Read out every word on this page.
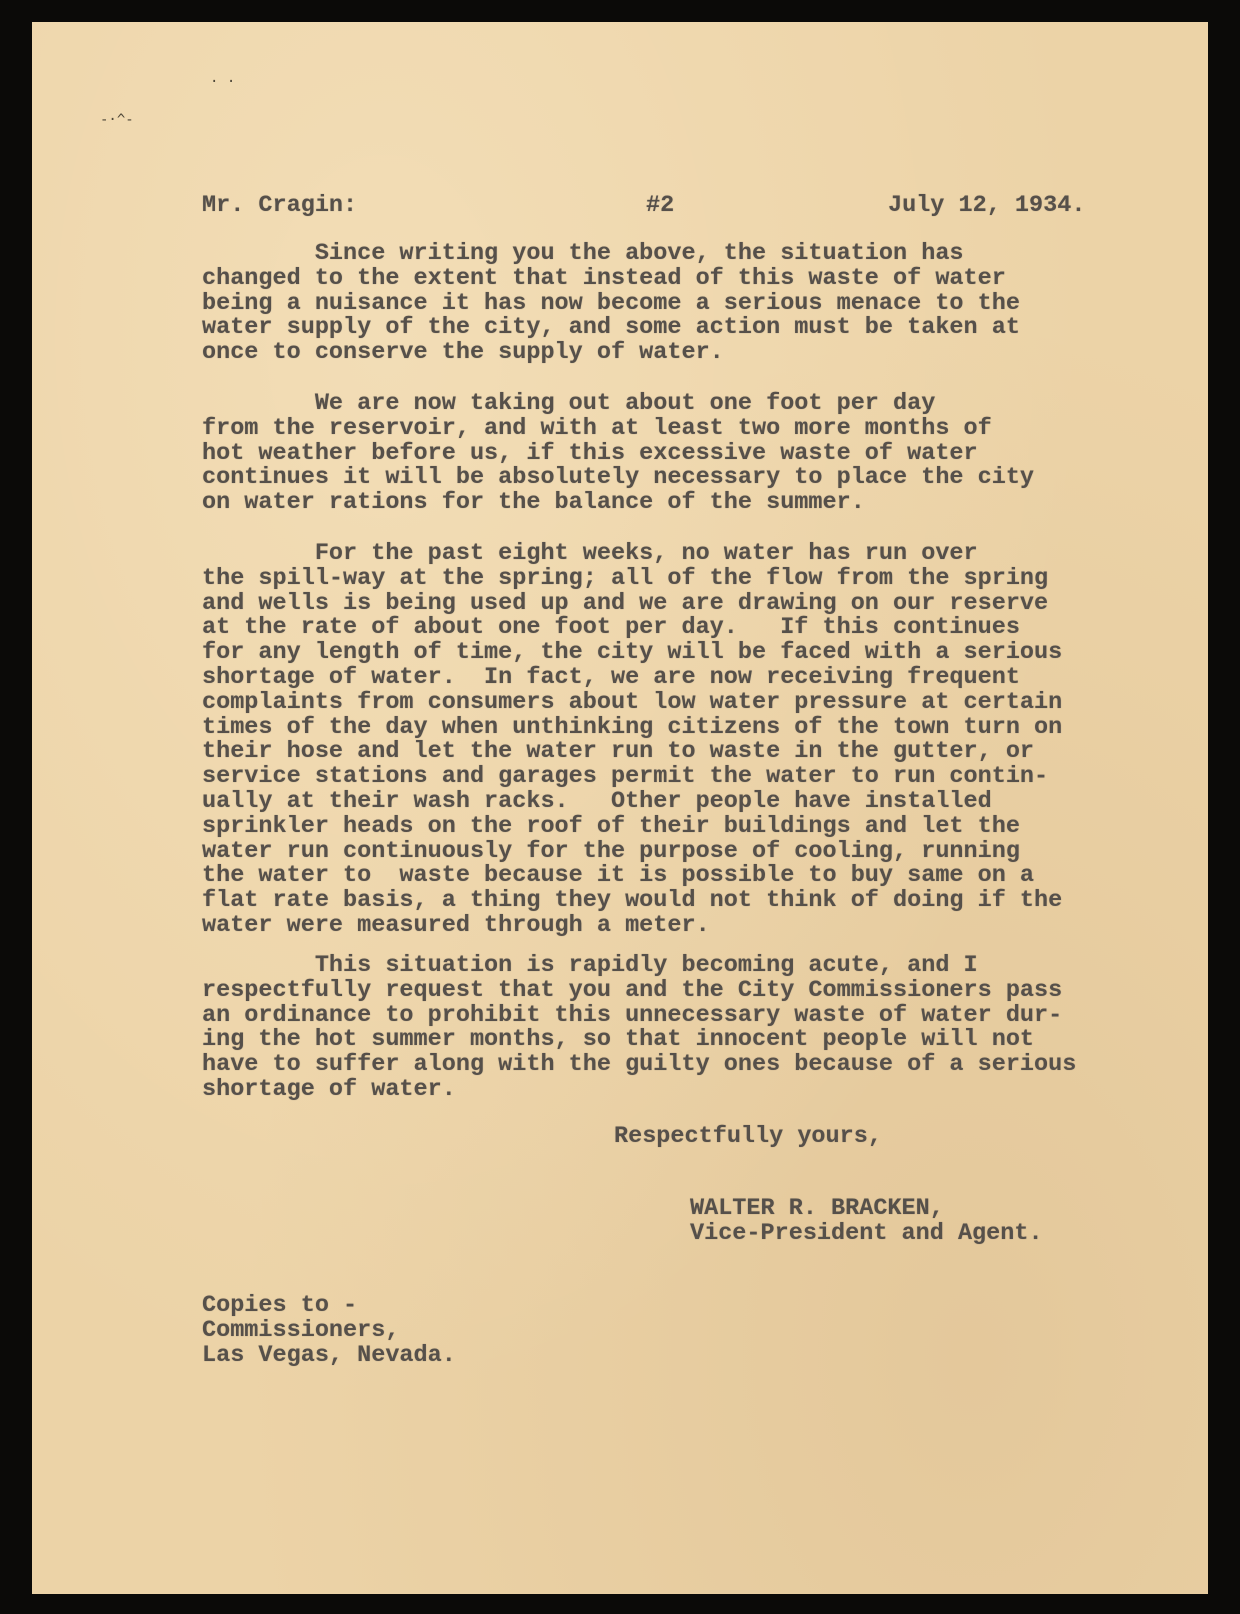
· ·
-·^-
Mr. Cragin:	#2	July 12, 1934.
Since writing you the above, the situation has
changed to the extent that instead of this waste of water
being a nuisance it has now become a serious menace to the
water supply of the city, and some action must be taken at
once to conserve the supply of water.
We are now taking out about one foot per day
from the reservoir, and with at least two more months of
hot weather before us, if this excessive waste of water
continues it will be absolutely necessary to place the city
on water rations for the balance of the summer.
For the past eight weeks, no water has run over
the spill-way at the spring; all of the flow from the spring
and wells is being used up and we are drawing on our reserve
at the rate of about one foot per day.   If this continues
for any length of time, the city will be faced with a serious
shortage of water.  In fact, we are now receiving frequent
complaints from consumers about low water pressure at certain
times of the day when unthinking citizens of the town turn on
their hose and let the water run to waste in the gutter, or
service stations and garages permit the water to run contin-
ually at their wash racks.   Other people have installed
sprinkler heads on the roof of their buildings and let the
water run continuously for the purpose of cooling, running
the water to  waste because it is possible to buy same on a
flat rate basis, a thing they would not think of doing if the
water were measured through a meter.
This situation is rapidly becoming acute, and I
respectfully request that you and the City Commissioners pass
an ordinance to prohibit this unnecessary waste of water dur-
ing the hot summer months, so that innocent people will not
have to suffer along with the guilty ones because of a serious
shortage of water.
Respectfully yours,
WALTER R. BRACKEN,
Vice-President and Agent.
Copies to -
Commissioners,
Las Vegas, Nevada.
